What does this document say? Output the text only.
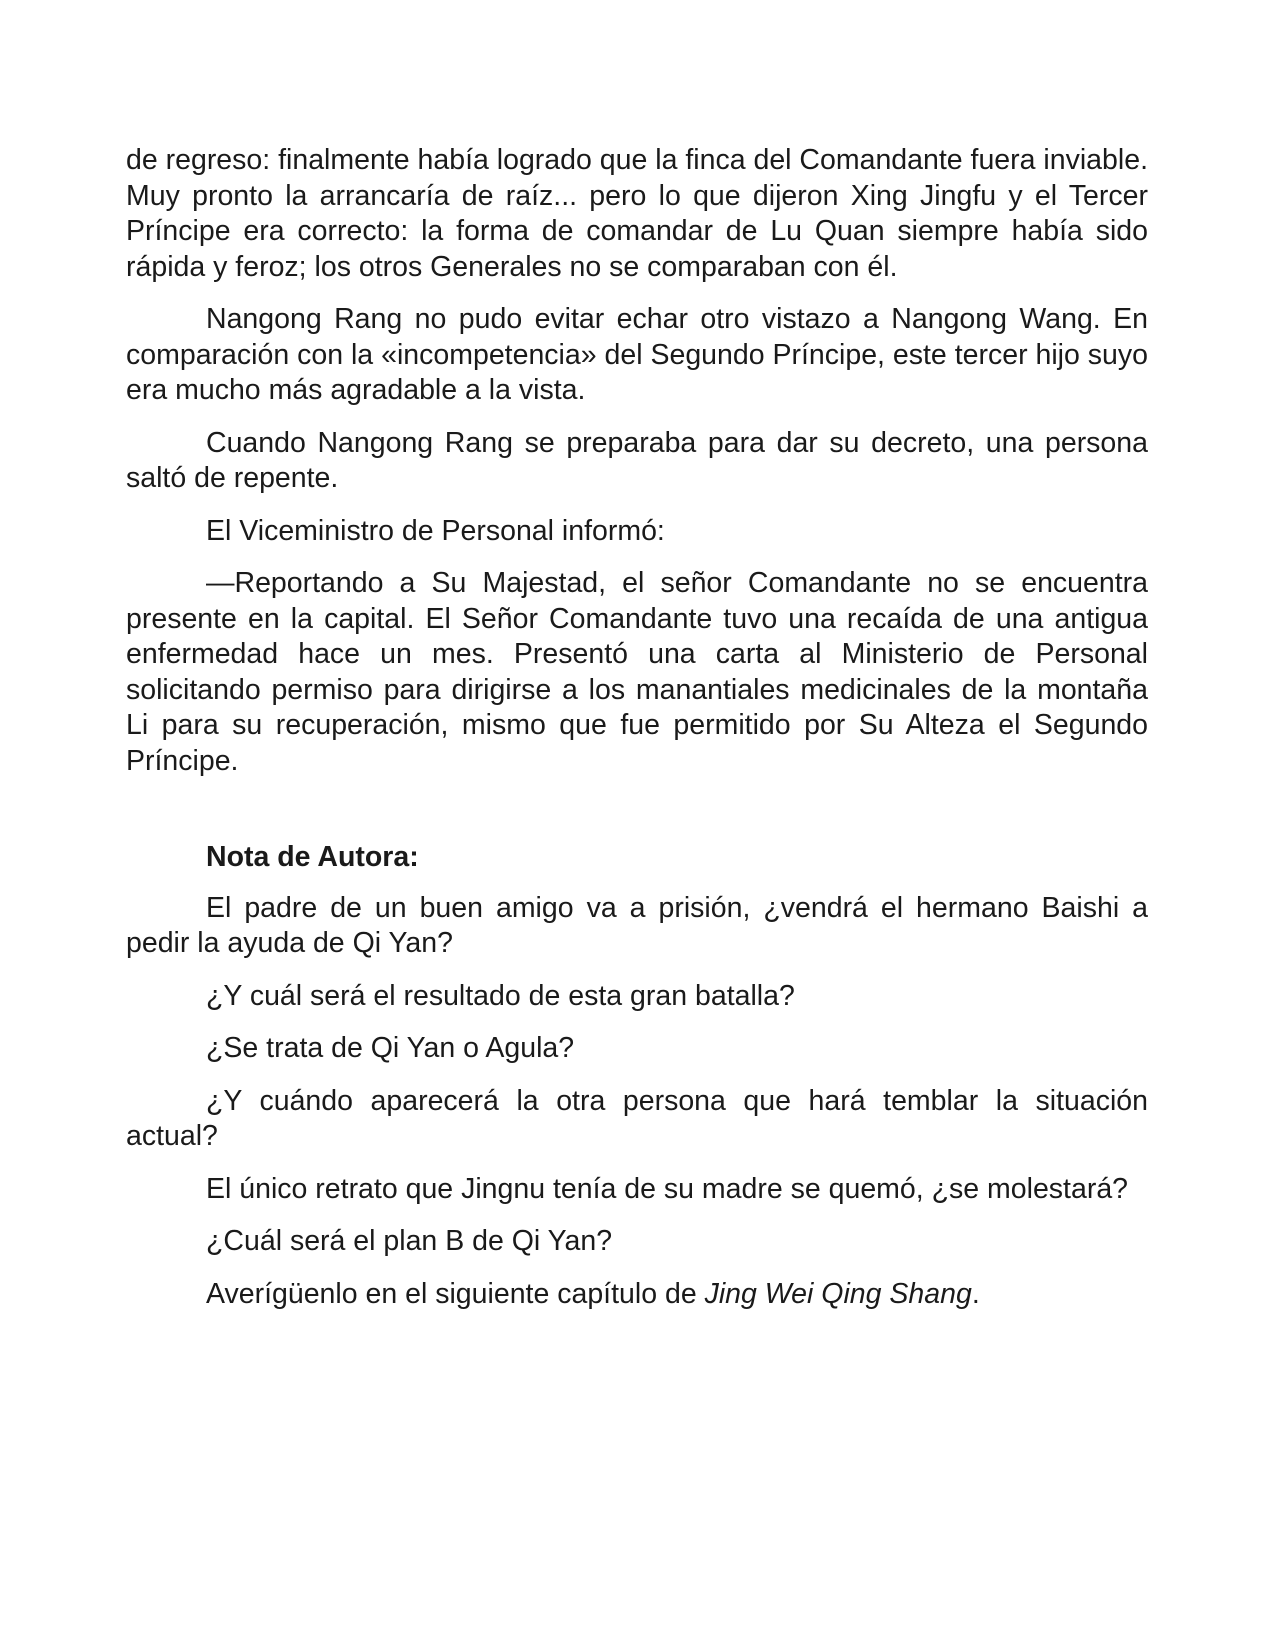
de regreso: finalmente había logrado que la finca del Comandante fuera inviable. Muy pronto la arrancaría de raíz... pero lo que dijeron Xing Jingfu y el Tercer Príncipe era correcto: la forma de comandar de Lu Quan siempre había sido rápida y feroz; los otros Generales no se comparaban con él.

Nangong Rang no pudo evitar echar otro vistazo a Nangong Wang. En comparación con la «incompetencia» del Segundo Príncipe, este tercer hijo suyo era mucho más agradable a la vista.

Cuando Nangong Rang se preparaba para dar su decreto, una persona saltó de repente.

El Viceministro de Personal informó:

—Reportando a Su Majestad, el señor Comandante no se encuentra presente en la capital. El Señor Comandante tuvo una recaída de una antigua enfermedad hace un mes. Presentó una carta al Ministerio de Personal solicitando permiso para dirigirse a los manantiales medicinales de la montaña Li para su recuperación, mismo que fue permitido por Su Alteza el Segundo Príncipe.

Nota de Autora:

El padre de un buen amigo va a prisión, ¿vendrá el hermano Baishi a pedir la ayuda de Qi Yan?

¿Y cuál será el resultado de esta gran batalla?

¿Se trata de Qi Yan o Agula?

¿Y cuándo aparecerá la otra persona que hará temblar la situación actual?

El único retrato que Jingnu tenía de su madre se quemó, ¿se molestará?

¿Cuál será el plan B de Qi Yan?

Averígüenlo en el siguiente capítulo de Jing Wei Qing Shang.
